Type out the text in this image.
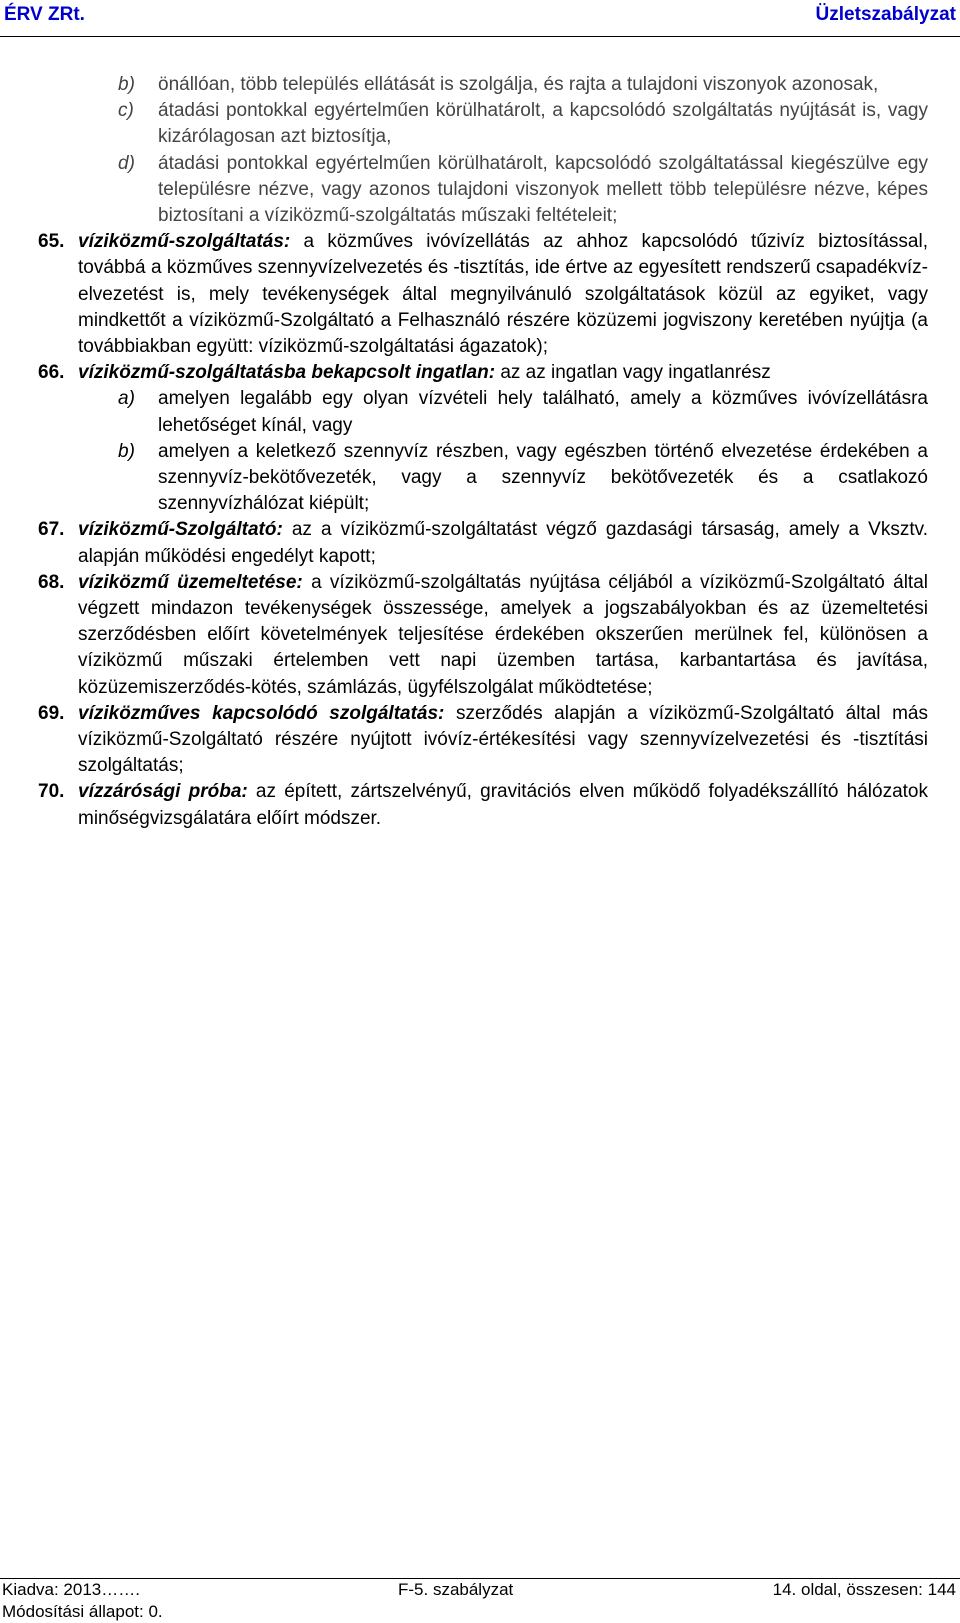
ÉRV ZRt.	Üzletszabályzat
b) önállóan, több település ellátását is szolgálja, és rajta a tulajdoni viszonyok azonosak,
c) átadási pontokkal egyértelműen körülhatárolt, a kapcsolódó szolgáltatás nyújtását is, vagy kizárólagosan azt biztosítja,
d) átadási pontokkal egyértelműen körülhatárolt, kapcsolódó szolgáltatással kiegészülve egy településre nézve, vagy azonos tulajdoni viszonyok mellett több településre nézve, képes biztosítani a víziközmű-szolgáltatás műszaki feltételeit;
65. víziközmű-szolgáltatás: a közműves ivóvízellátás az ahhoz kapcsolódó tűzivíz biztosítással, továbbá a közműves szennyvízelvezetés és -tisztítás, ide értve az egyesített rendszerű csapadékvíz-elvezetést is, mely tevékenységek által megnyilvánuló szolgáltatások közül az egyiket, vagy mindkettőt a víziközmű-Szolgáltató a Felhasználó részére közüzemi jogviszony keretében nyújtja (a továbbiakban együtt: víziközmű-szolgáltatási ágazatok);
66. víziközmű-szolgáltatásba bekapcsolt ingatlan: az az ingatlan vagy ingatlanrész
a) amelyen legalább egy olyan vízvételi hely található, amely a közműves ivóvízellátásra lehetőséget kínál, vagy
b) amelyen a keletkező szennyvíz részben, vagy egészben történő elvezetése érdekében a szennyvíz-bekötővezeték, vagy a szennyvíz bekötővezeték és a csatlakozó szennyvízhálózat kiépült;
67. víziközmű-Szolgáltató: az a víziközmű-szolgáltatást végző gazdasági társaság, amely a Vksztv. alapján működési engedélyt kapott;
68. víziközmű üzemeltetése: a víziközmű-szolgáltatás nyújtása céljából a víziközmű-Szolgáltató által végzett mindazon tevékenységek összessége, amelyek a jogszabályokban és az üzemeltetési szerződésben előírt követelmények teljesítése érdekében okszerűen merülnek fel, különösen a víziközmű műszaki értelemben vett napi üzemben tartása, karbantartása és javítása, közüzemiszerződés-kötés, számlázás, ügyfélszolgálat működtetése;
69. víziközműves kapcsolódó szolgáltatás: szerződés alapján a víziközmű-Szolgáltató által más víziközmű-Szolgáltató részére nyújtott ivóvíz-értékesítési vagy szennyvízelvezetési és -tisztítási szolgáltatás;
70. vízzárósági próba: az épített, zártszelvényű, gravitációs elven működő folyadékszállító hálózatok minőségvizsgálatára előírt módszer.
Kiadva: 2013…….	F-5. szabályzat	14. oldal, összesen: 144
Módosítási állapot: 0.
